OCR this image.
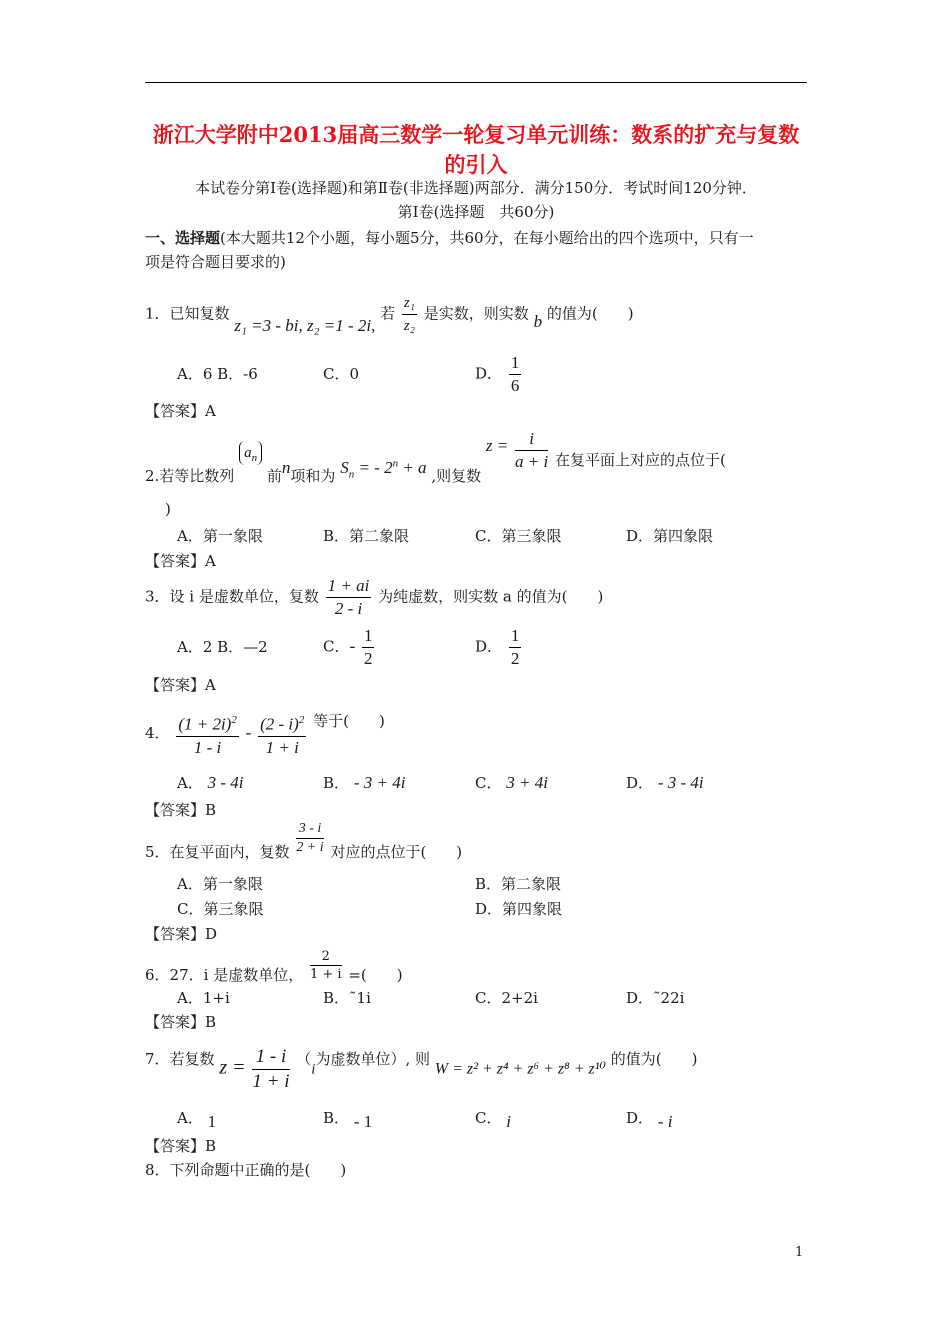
浙江大学附中2013届高三数学一轮复习单元训练：数系的扩充与复数的引入
本试卷分第Ⅰ卷(选择题)和第Ⅱ卷(非选择题)两部分．满分150分．考试时间120分钟．
第Ⅰ卷(选择题　共60分)
一、选择题(本大题共12个小题，每小题5分，共60分，在每小题给出的四个选项中，只有一
项是符合题目要求的)
1．已知复数 z₁ =3 - bi, z₂ =1 - 2i, 若 $\frac{\text{z₁}}{\text{z₂}}$ 是实数，则实数 b 的值为(　　)
A．6 B．-6	C．0	D． $\frac{1}{6}$
【答案】A
2.若等比数列 $a_n$ 前n项和为 $S_n$ = - $2^n + a$ ,则复数 $z = \frac{i}{a + i}$ 在复平面上对应的点位于(
)
A．第一象限	B．第二象限	C．第三象限	D．第四象限
【答案】A
3．设 i 是虚数单位，复数 $\frac{1 + ai}{2 - i}$ 为纯虚数，则实数 a 的值为(　　)
A．2 B．—2	C．- $\frac{1}{2}$	D． $\frac{1}{2}$
【答案】A
4． $\frac{(1 + 2i)^2}{1 - i} - \frac{(2 - i)^2}{1 + i}$ 等于(　　)
A． 3 - 4i	B． - 3 + 4i	C． 3 + 4i	D． - 3 - 4i
【答案】B
5．在复平面内，复数 $\frac{3 - i}{2 + i}$ 对应的点位于(　　)
A．第一象限	B．第二象限
C．第三象限	D．第四象限
【答案】D
6．27．i 是虚数单位， $\frac{2}{1 + i}$ =(　　)
A．1+i	B．˜1i	C．2+2i	D．˜22i
【答案】B
7．若复数 $z = \frac{1 - i}{1 + i} (i$为虚数单位）, 则 W = z² + z⁴ + z⁶ + z⁸ + z¹⁰ 的值为(　　)
A． 1	B． - 1	C． i	D． - i
【答案】B
8．下列命题中正确的是(　　)
1
